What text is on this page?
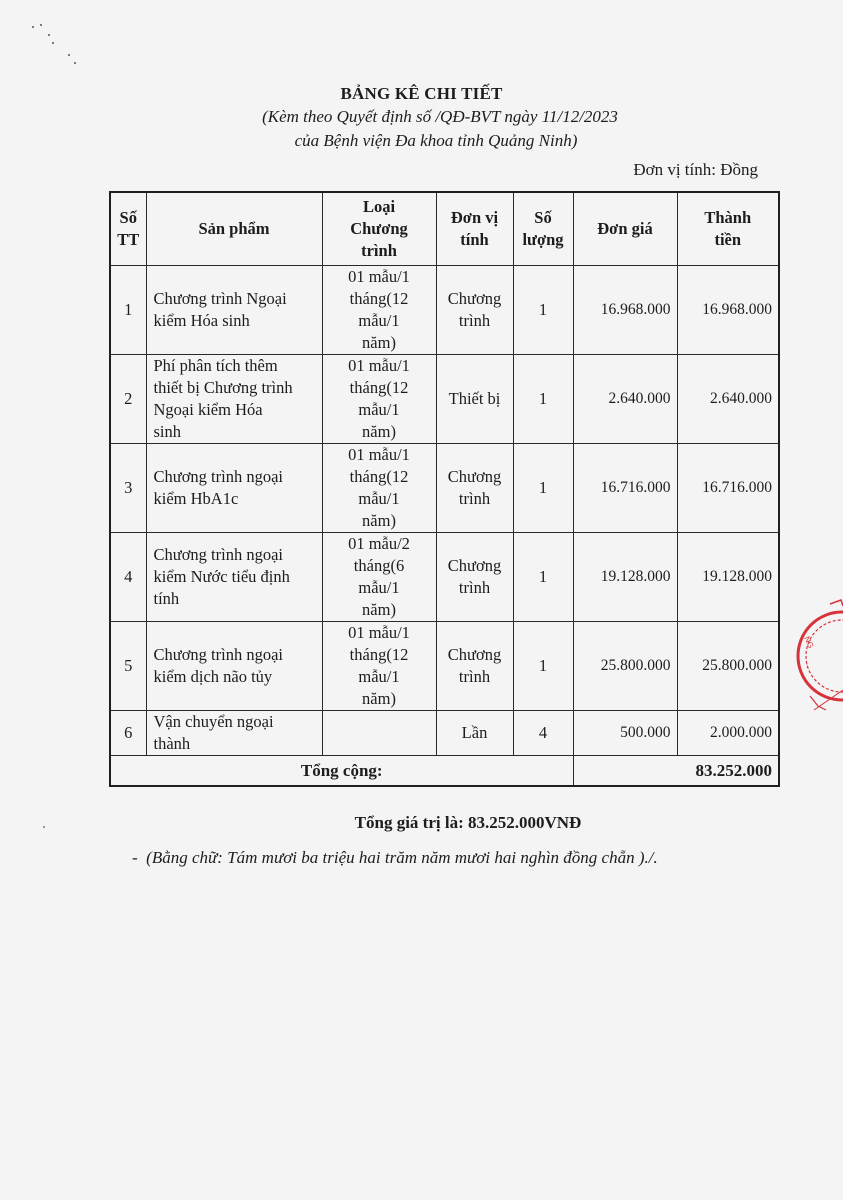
BẢNG KÊ CHI TIẾT
(Kèm theo Quyết định số /QĐ-BVT ngày 11/12/2023
của Bệnh viện Đa khoa tỉnh Quảng Ninh)
Đơn vị tính: Đồng
Số
TT	Sản phẩm	Loại
Chương
trình	Đơn vị
tính	Số
lượng	Đơn giá	Thành
tiền
1	Chương trình Ngoại
kiểm Hóa sinh	01 mẫu/1
tháng(12
mẫu/1
năm)	Chương
trình	1	16.968.000	16.968.000
2	Phí phân tích thêm
thiết bị Chương trình
Ngoại kiểm Hóa
sinh	01 mẫu/1
tháng(12
mẫu/1
năm)	Thiết bị	1	2.640.000	2.640.000
3	Chương trình ngoại
kiểm HbA1c	01 mẫu/1
tháng(12
mẫu/1
năm)	Chương
trình	1	16.716.000	16.716.000
4	Chương trình ngoại
kiểm Nước tiểu định
tính	01 mẫu/2
tháng(6
mẫu/1
năm)	Chương
trình	1	19.128.000	19.128.000
5	Chương trình ngoại
kiểm dịch não tủy	01 mẫu/1
tháng(12
mẫu/1
năm)	Chương
trình	1	25.800.000	25.800.000
6	Vận chuyển ngoại
thành		Lần	4	500.000	2.000.000
Tổng cộng:					83.252.000	
Tổng giá trị là: 83.252.000VNĐ
- (Bằng chữ: Tám mươi ba triệu hai trăm năm mươi hai nghìn đồng chẵn )./.
NG
:
.
